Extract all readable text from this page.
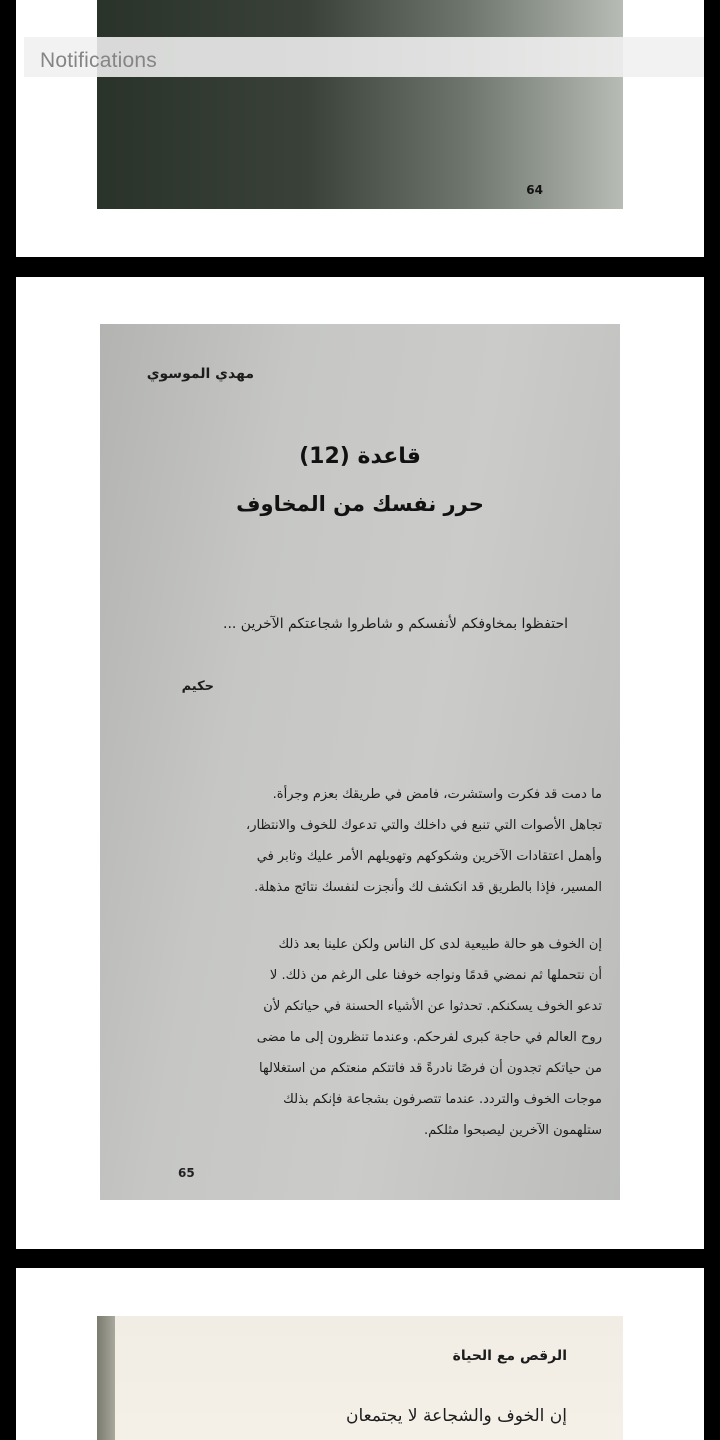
64
مهدي الموسوي
قاعدة (12)
حرر نفسك من المخاوف
احتفظوا بمخاوفكم لأنفسكم و شاطروا شجاعتكم الآخرين ...
حكيم
ما دمت قد فكرت واستشرت، فامض في طريقك بعزم وجرأة.
تجاهل الأصوات التي تنبع في داخلك والتي تدعوك للخوف والانتظار،
وأهمل اعتقادات الآخرين وشكوكهم وتهويلهم الأمر عليك وثابر في
المسير، فإذا بالطريق قد انكشف لك وأنجزت لنفسك نتائج مذهلة.
إن الخوف هو حالة طبيعية لدى كل الناس ولكن علينا بعد ذلك
أن نتحملها ثم نمضي قدمًا ونواجه خوفنا على الرغم من ذلك. لا
تدعو الخوف يسكنكم. تحدثوا عن الأشياء الحسنة في حياتكم لأن
روح العالم في حاجة كبرى لفرحكم. وعندما تنظرون إلى ما مضى
من حياتكم تجدون أن فرصًا نادرةً قد فاتتكم منعتكم من استغلالها
موجات الخوف والتردد. عندما تتصرفون بشجاعة فإنكم بذلك
ستلهمون الآخرين ليصبحوا مثلكم.
65
الرقص مع الحياة
إن الخوف والشجاعة لا يجتمعان
Notifications
